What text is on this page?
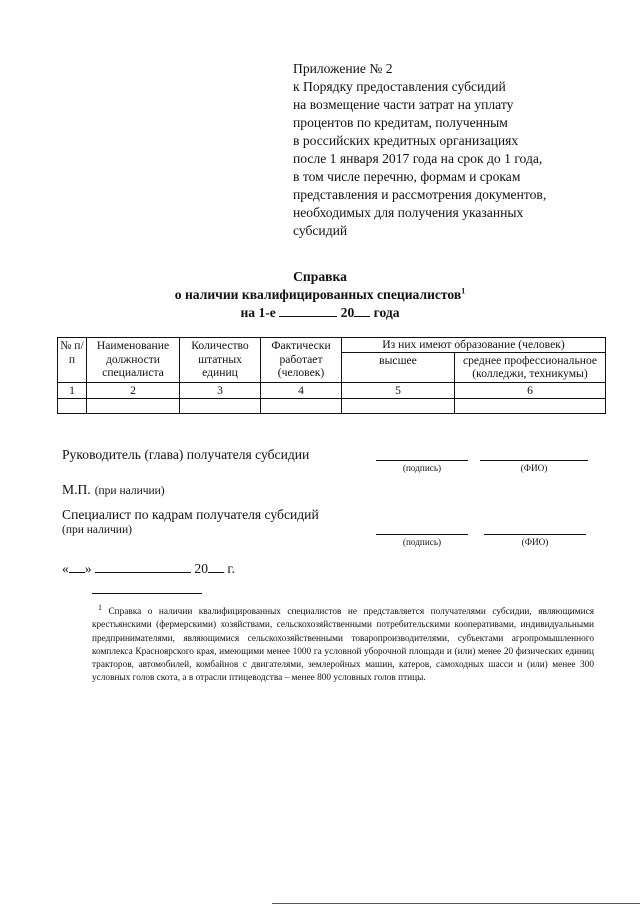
Приложение № 2
к Порядку предоставления субсидий
на возмещение части затрат на уплату
процентов по кредитам, полученным
в российских кредитных организациях
после 1 января 2017 года на срок до 1 года,
в том числе перечню, формам и срокам
представления и рассмотрения документов,
необходимых для получения указанных
субсидий
Справка
о наличии квалифицированных специалистов$^1$
на 1-е	20 года
№ п/п	Наименование должности специалиста	Количество штатных единиц	Фактически работает (человек)	Из них имеют образование (человек)	
				высшее	среднее профессиональное (колледжи, техникумы)
1	2	3	4	5	6

Руководитель (глава) получателя субсидии
(подпись)	(ФИО)
М.П. (при наличии)
Специалист по кадрам получателя субсидий
(при наличии)
(подпись)	(ФИО)
« »	20 г.
$^1$ Справка о наличии квалифицированных специалистов не представляется получателями субсидии, являющимися крестьянскими (фермерскими) хозяйствами, сельскохозяйственными потребительскими кооперативами, индивидуальными предпринимателями, являющимися сельскохозяйственными товаропроизводителями, субъектами агропромышленного комплекса Красноярского края, имеющими менее 1000 га условной уборочной площади и (или) менее 20 физических единиц тракторов, автомобилей, комбайнов с двигателями, землеройных машин, катеров, самоходных шасси и (или) менее 300 условных голов скота, а в отрасли птицеводства – менее 800 условных голов птицы.
